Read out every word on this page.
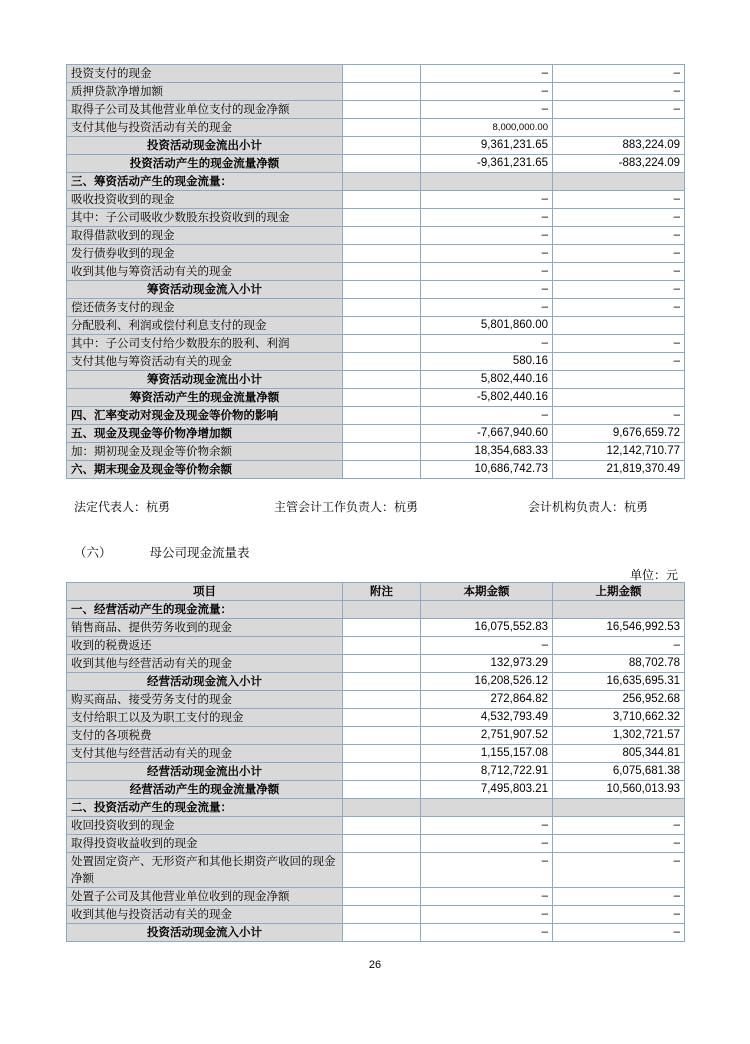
投资支付的现金		–	–
质押贷款净增加额		–	–
取得子公司及其他营业单位支付的现金净额		–	–
支付其他与投资活动有关的现金		8,000,000.00	
投资活动现金流出小计		9,361,231.65	883,224.09
投资活动产生的现金流量净额		-9,361,231.65	-883,224.09
三、筹资活动产生的现金流量：			
吸收投资收到的现金		–	–
其中：子公司吸收少数股东投资收到的现金		–	–
取得借款收到的现金		–	–
发行债券收到的现金		–	–
收到其他与筹资活动有关的现金		–	–
筹资活动现金流入小计		–	–
偿还债务支付的现金		–	–
分配股利、利润或偿付利息支付的现金		5,801,860.00	
其中：子公司支付给少数股东的股利、利润		–	–
支付其他与筹资活动有关的现金		580.16	–
筹资活动现金流出小计		5,802,440.16	
筹资活动产生的现金流量净额		-5,802,440.16	
四、汇率变动对现金及现金等价物的影响		–	–
五、现金及现金等价物净增加额		-7,667,940.60	9,676,659.72
加：期初现金及现金等价物余额		18,354,683.33	12,142,710.77
六、期末现金及现金等价物余额		10,686,742.73	21,819,370.49
法定代表人：杭勇	主管会计工作负责人：杭勇	会计机构负责人：杭勇
（六）	母公司现金流量表
单位：元
项目	附注	本期金额	上期金额
一、经营活动产生的现金流量：			
销售商品、提供劳务收到的现金		16,075,552.83	16,546,992.53
收到的税费返还		–	–
收到其他与经营活动有关的现金		132,973.29	88,702.78
经营活动现金流入小计		16,208,526.12	16,635,695.31
购买商品、接受劳务支付的现金		272,864.82	256,952.68
支付给职工以及为职工支付的现金		4,532,793.49	3,710,662.32
支付的各项税费		2,751,907.52	1,302,721.57
支付其他与经营活动有关的现金		1,155,157.08	805,344.81
经营活动现金流出小计		8,712,722.91	6,075,681.38
经营活动产生的现金流量净额		7,495,803.21	10,560,013.93
二、投资活动产生的现金流量：			
收回投资收到的现金		–	–
取得投资收益收到的现金		–	–
处置固定资产、无形资产和其他长期资产收回的现金净额		–	–
处置子公司及其他营业单位收到的现金净额		–	–
收到其他与投资活动有关的现金		–	–
投资活动现金流入小计		–	–
26
